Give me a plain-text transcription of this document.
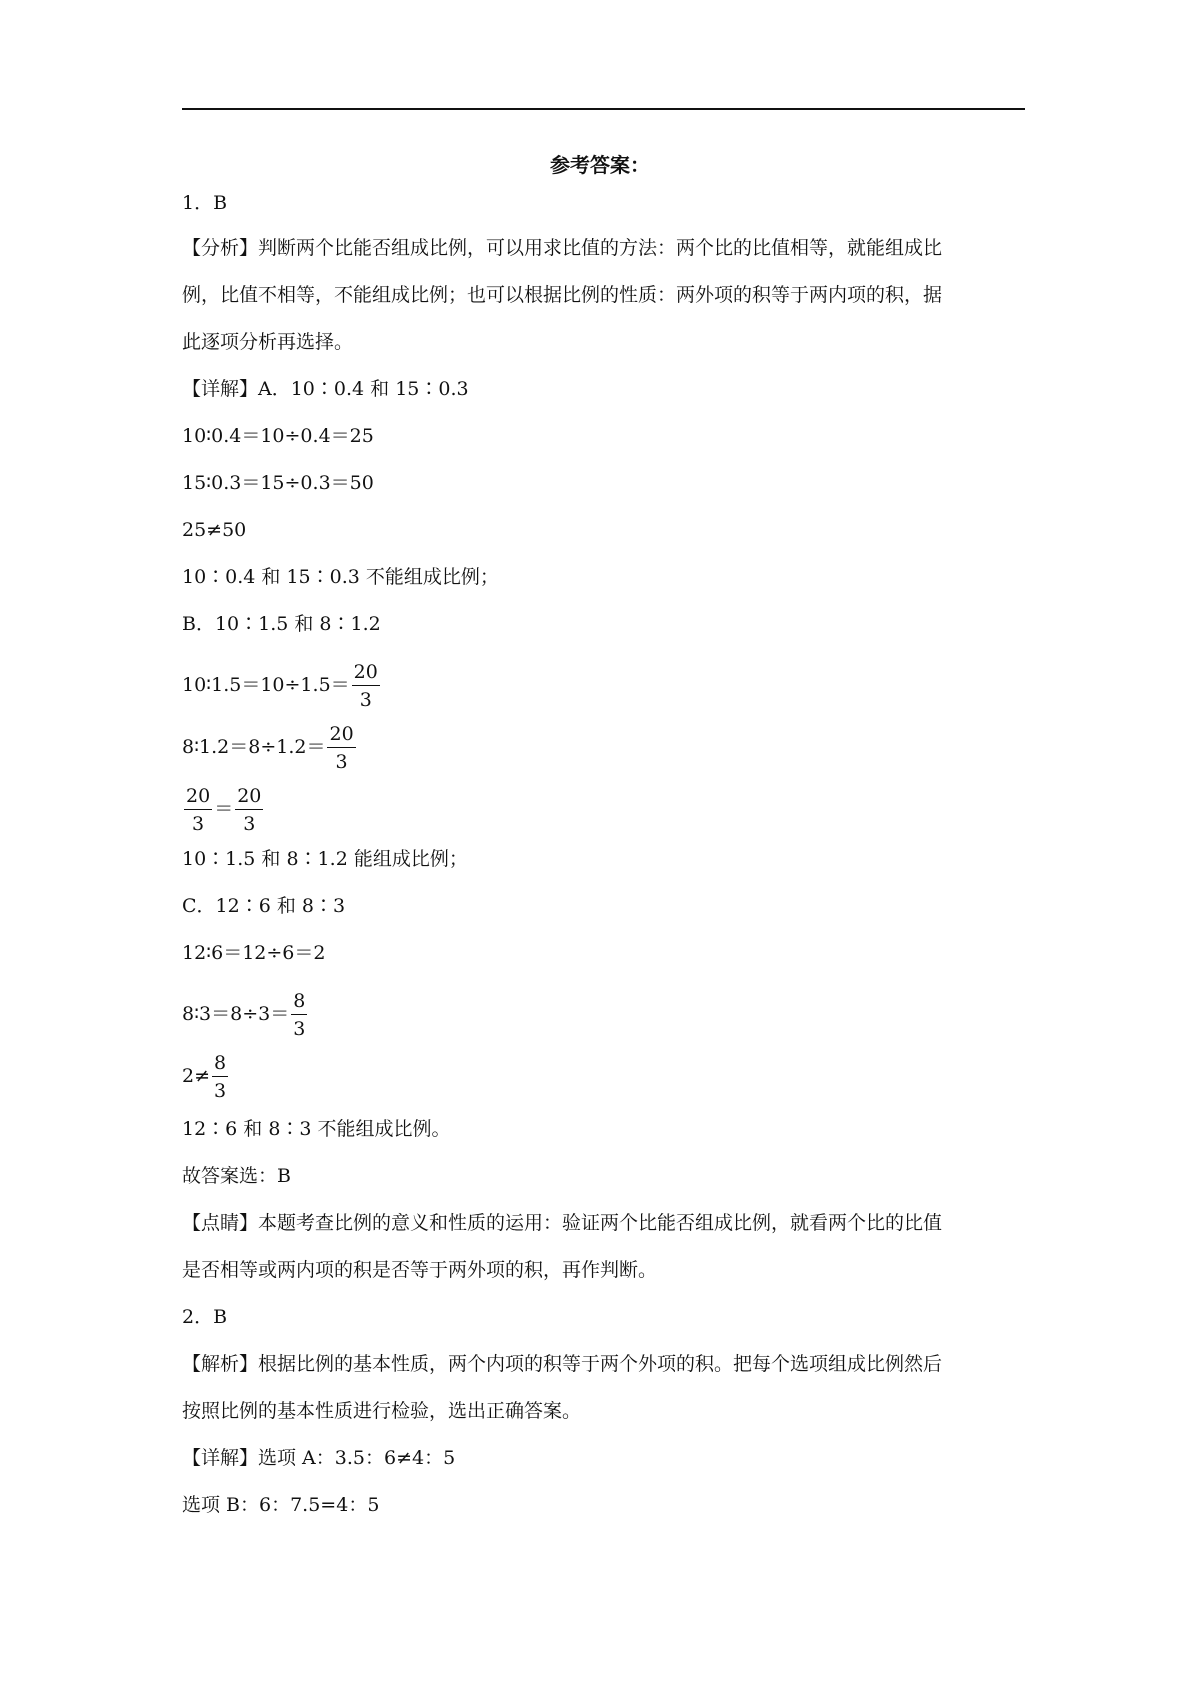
参考答案：
1．B
【分析】判断两个比能否组成比例，可以用求比值的方法：两个比的比值相等，就能组成比
例，比值不相等，不能组成比例；也可以根据比例的性质：两外项的积等于两内项的积，据
此逐项分析再选择。
【详解】A．10∶0.4 和 15∶0.3
10∶0.4＝10÷0.4＝25
15∶0.3＝15÷0.3＝50
25≠50
10∶0.4 和 15∶0.3 不能组成比例；
B．10∶1.5 和 8∶1.2
10∶1.5＝10÷1.5＝ $\frac{20}{3}$
8∶1.2＝8÷1.2＝ $\frac{20}{3}$
$\frac{20}{3} = \frac{20}{3}$
10∶1.5 和 8∶1.2 能组成比例；
C．12∶6 和 8∶3
12∶6＝12÷6＝2
8∶3＝8÷3＝ $\frac{8}{3}$
$2\ne \frac{8}{3}$
12∶6 和 8∶3 不能组成比例。
故答案选：B
【点睛】本题考查比例的意义和性质的运用：验证两个比能否组成比例，就看两个比的比值
是否相等或两内项的积是否等于两外项的积，再作判断。
2．B
【解析】根据比例的基本性质，两个内项的积等于两个外项的积。把每个选项组成比例然后
按照比例的基本性质进行检验，选出正确答案。
【详解】选项 A：3.5：6≠4：5
选项 B：6：7.5=4：5
